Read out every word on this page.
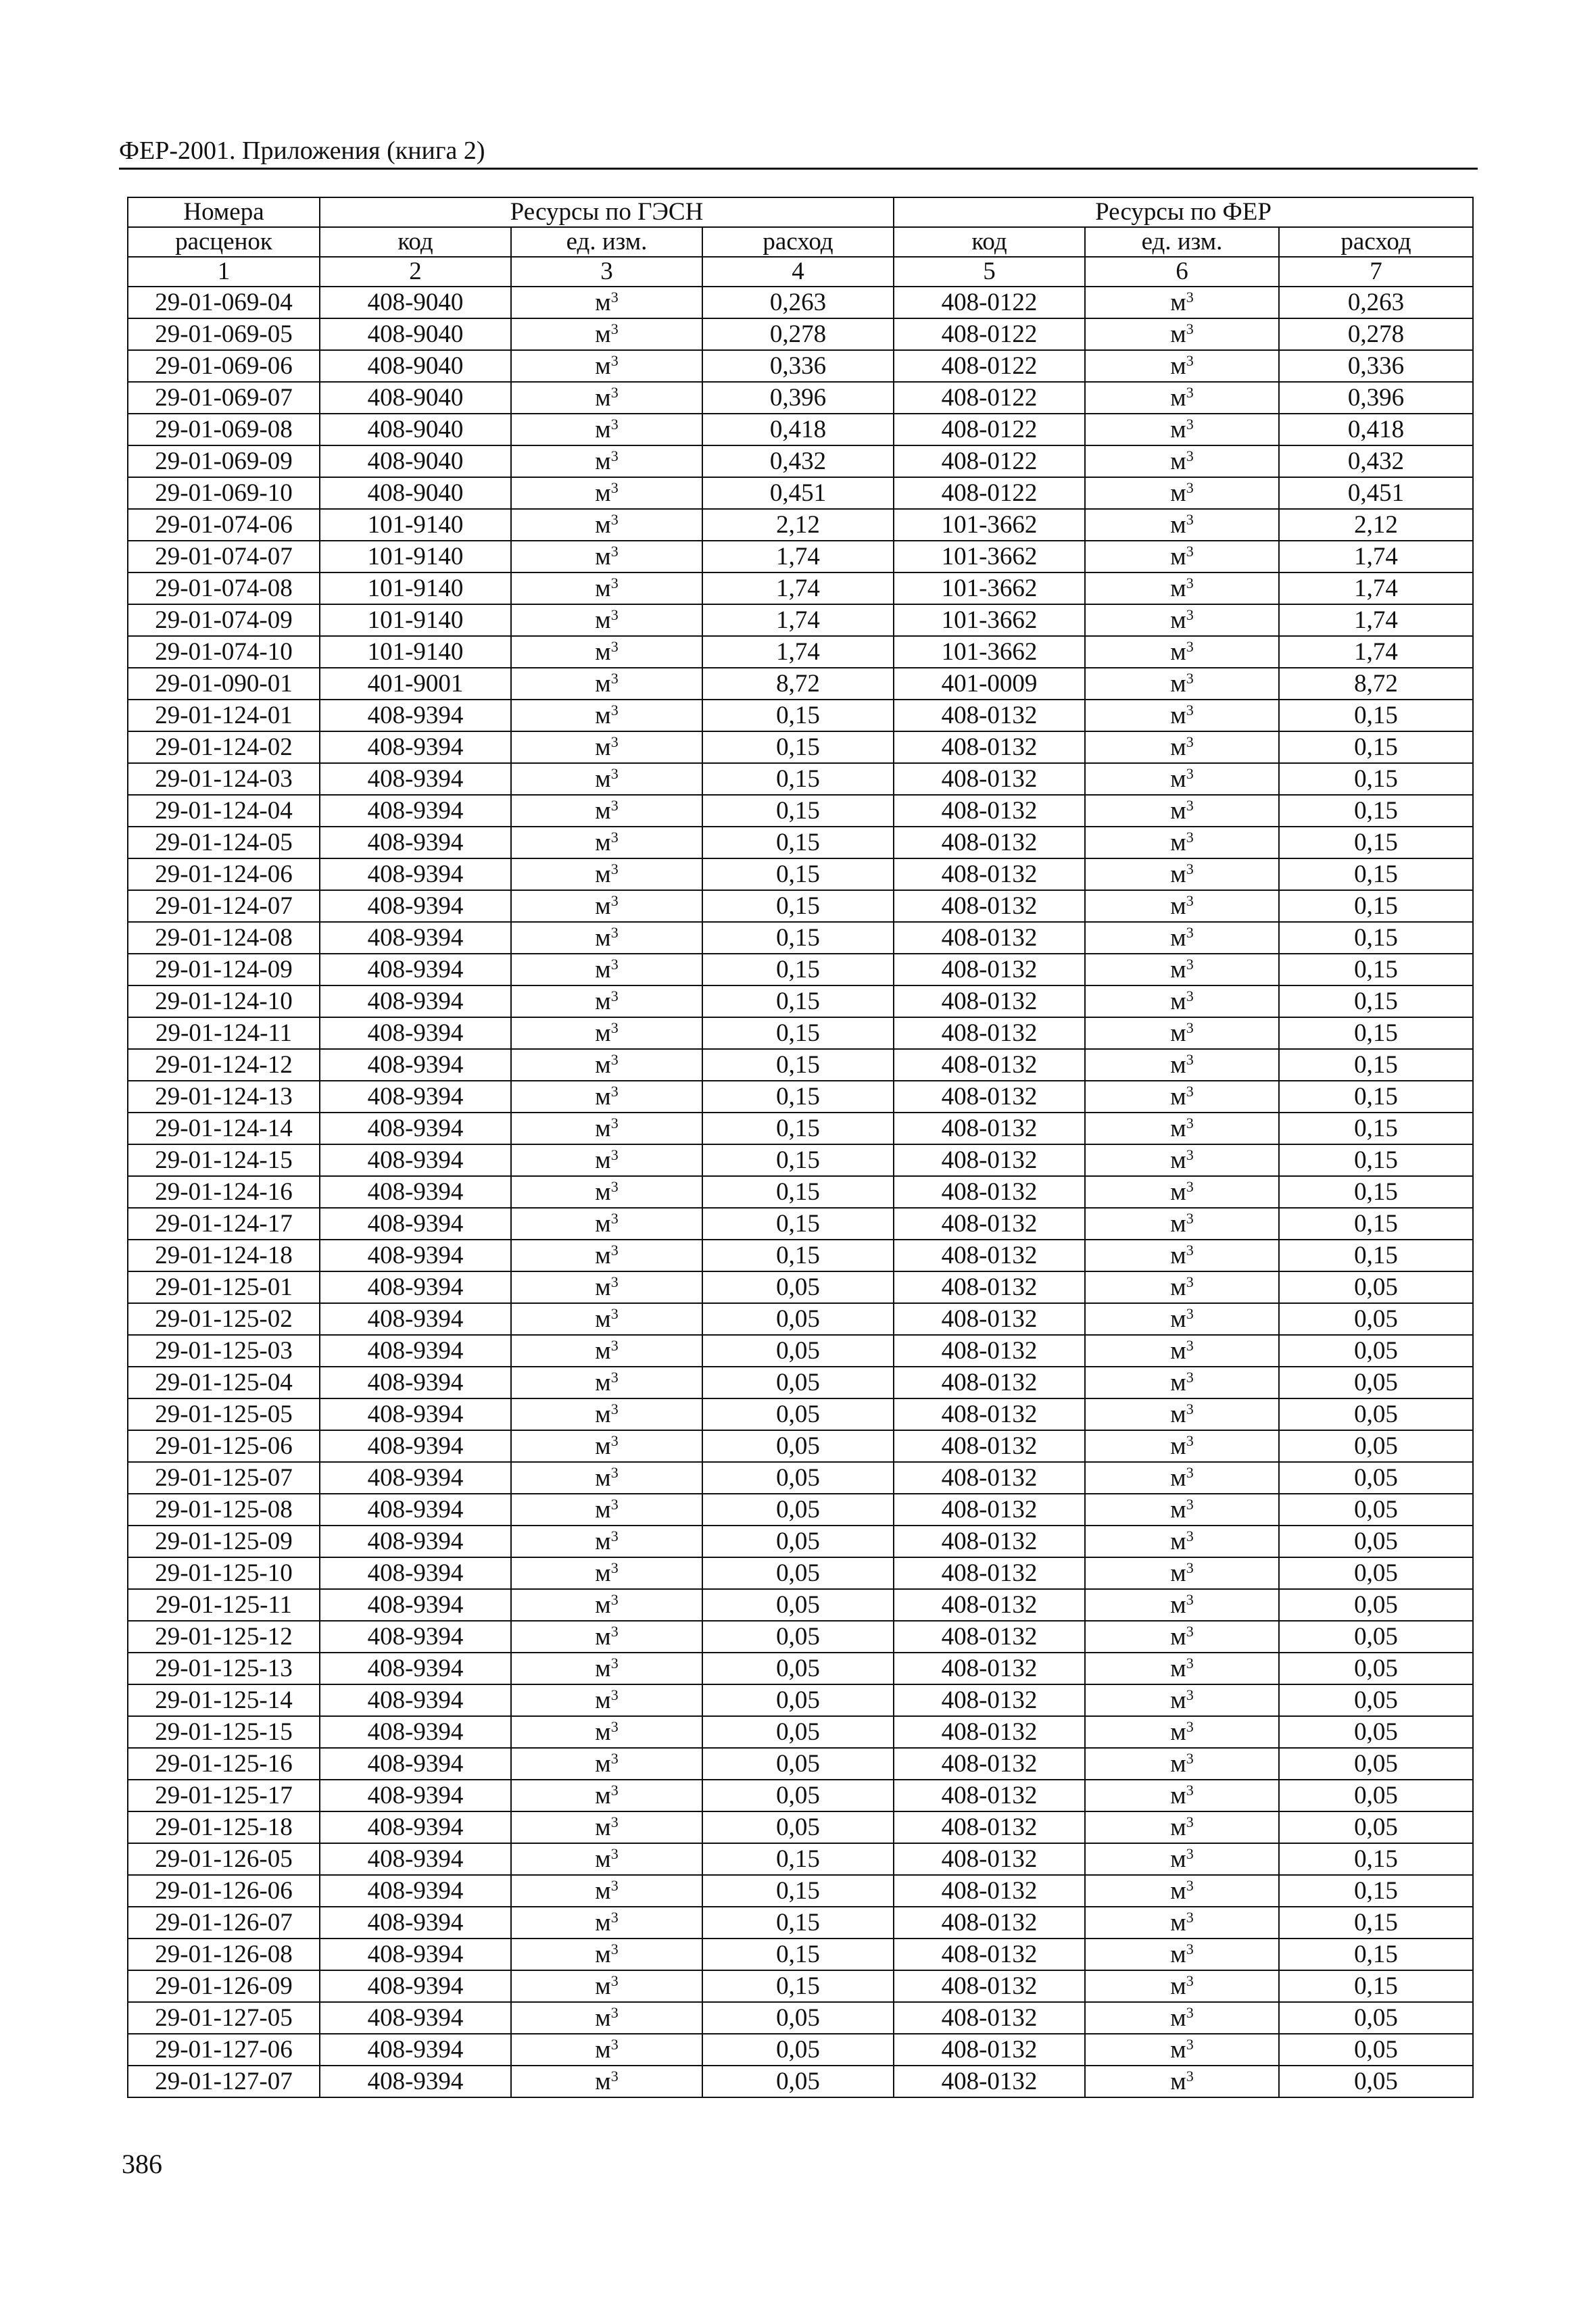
ФЕР-2001. Приложения (книга 2)
Номера	Ресурсы по ГЭСН			Ресурсы по ФЕР		
расценок	код	ед. изм.	расход	код	ед. изм.	расход
1	2	3	4	5	6	7
29-01-069-04	408-9040	$м^3$	0,263	408-0122	$м^3$	0,263
29-01-069-05	408-9040	$м^3$	0,278	408-0122	$м^3$	0,278
29-01-069-06	408-9040	$м^3$	0,336	408-0122	$м^3$	0,336
29-01-069-07	408-9040	$м^3$	0,396	408-0122	$м^3$	0,396
29-01-069-08	408-9040	$м^3$	0,418	408-0122	$м^3$	0,418
29-01-069-09	408-9040	$м^3$	0,432	408-0122	$м^3$	0,432
29-01-069-10	408-9040	$м^3$	0,451	408-0122	$м^3$	0,451
29-01-074-06	101-9140	$м^3$	2,12	101-3662	$м^3$	2,12
29-01-074-07	101-9140	$м^3$	1,74	101-3662	$м^3$	1,74
29-01-074-08	101-9140	$м^3$	1,74	101-3662	$м^3$	1,74
29-01-074-09	101-9140	$м^3$	1,74	101-3662	$м^3$	1,74
29-01-074-10	101-9140	$м^3$	1,74	101-3662	$м^3$	1,74
29-01-090-01	401-9001	$м^3$	8,72	401-0009	$м^3$	8,72
29-01-124-01	408-9394	$м^3$	0,15	408-0132	$м^3$	0,15
29-01-124-02	408-9394	$м^3$	0,15	408-0132	$м^3$	0,15
29-01-124-03	408-9394	$м^3$	0,15	408-0132	$м^3$	0,15
29-01-124-04	408-9394	$м^3$	0,15	408-0132	$м^3$	0,15
29-01-124-05	408-9394	$м^3$	0,15	408-0132	$м^3$	0,15
29-01-124-06	408-9394	$м^3$	0,15	408-0132	$м^3$	0,15
29-01-124-07	408-9394	$м^3$	0,15	408-0132	$м^3$	0,15
29-01-124-08	408-9394	$м^3$	0,15	408-0132	$м^3$	0,15
29-01-124-09	408-9394	$м^3$	0,15	408-0132	$м^3$	0,15
29-01-124-10	408-9394	$м^3$	0,15	408-0132	$м^3$	0,15
29-01-124-11	408-9394	$м^3$	0,15	408-0132	$м^3$	0,15
29-01-124-12	408-9394	$м^3$	0,15	408-0132	$м^3$	0,15
29-01-124-13	408-9394	$м^3$	0,15	408-0132	$м^3$	0,15
29-01-124-14	408-9394	$м^3$	0,15	408-0132	$м^3$	0,15
29-01-124-15	408-9394	$м^3$	0,15	408-0132	$м^3$	0,15
29-01-124-16	408-9394	$м^3$	0,15	408-0132	$м^3$	0,15
29-01-124-17	408-9394	$м^3$	0,15	408-0132	$м^3$	0,15
29-01-124-18	408-9394	$м^3$	0,15	408-0132	$м^3$	0,15
29-01-125-01	408-9394	$м^3$	0,05	408-0132	$м^3$	0,05
29-01-125-02	408-9394	$м^3$	0,05	408-0132	$м^3$	0,05
29-01-125-03	408-9394	$м^3$	0,05	408-0132	$м^3$	0,05
29-01-125-04	408-9394	$м^3$	0,05	408-0132	$м^3$	0,05
29-01-125-05	408-9394	$м^3$	0,05	408-0132	$м^3$	0,05
29-01-125-06	408-9394	$м^3$	0,05	408-0132	$м^3$	0,05
29-01-125-07	408-9394	$м^3$	0,05	408-0132	$м^3$	0,05
29-01-125-08	408-9394	$м^3$	0,05	408-0132	$м^3$	0,05
29-01-125-09	408-9394	$м^3$	0,05	408-0132	$м^3$	0,05
29-01-125-10	408-9394	$м^3$	0,05	408-0132	$м^3$	0,05
29-01-125-11	408-9394	$м^3$	0,05	408-0132	$м^3$	0,05
29-01-125-12	408-9394	$м^3$	0,05	408-0132	$м^3$	0,05
29-01-125-13	408-9394	$м^3$	0,05	408-0132	$м^3$	0,05
29-01-125-14	408-9394	$м^3$	0,05	408-0132	$м^3$	0,05
29-01-125-15	408-9394	$м^3$	0,05	408-0132	$м^3$	0,05
29-01-125-16	408-9394	$м^3$	0,05	408-0132	$м^3$	0,05
29-01-125-17	408-9394	$м^3$	0,05	408-0132	$м^3$	0,05
29-01-125-18	408-9394	$м^3$	0,05	408-0132	$м^3$	0,05
29-01-126-05	408-9394	$м^3$	0,15	408-0132	$м^3$	0,15
29-01-126-06	408-9394	$м^3$	0,15	408-0132	$м^3$	0,15
29-01-126-07	408-9394	$м^3$	0,15	408-0132	$м^3$	0,15
29-01-126-08	408-9394	$м^3$	0,15	408-0132	$м^3$	0,15
29-01-126-09	408-9394	$м^3$	0,15	408-0132	$м^3$	0,15
29-01-127-05	408-9394	$м^3$	0,05	408-0132	$м^3$	0,05
29-01-127-06	408-9394	$м^3$	0,05	408-0132	$м^3$	0,05
29-01-127-07	408-9394	$м^3$	0,05	408-0132	$м^3$	0,05
386
